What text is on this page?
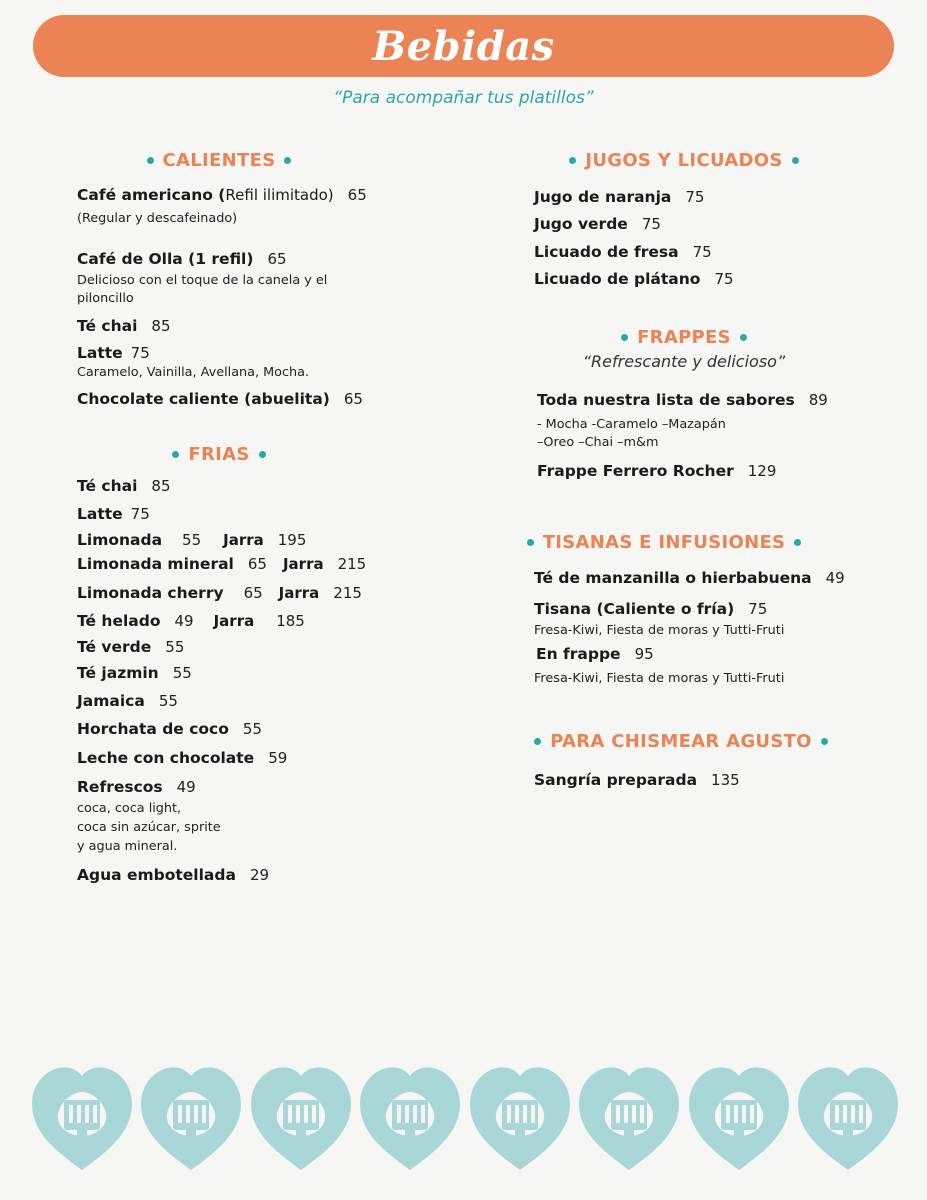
Bebidas
“Para acompañar tus platillos”
CALIENTES
Café americano (Refil ilimitado) 65
(Regular y descafeinado)
Café de Olla (1 refil) 65
Delicioso con el toque de la canela y el
piloncillo
Té chai 85
Latte 75
Caramelo, Vainilla, Avellana, Mocha.
Chocolate caliente (abuelita) 65
FRIAS
Té chai 85
Latte 75
Limonada 55 Jarra 195
Limonada mineral 65 Jarra 215
Limonada cherry 65 Jarra 215
Té helado 49 Jarra 185
Té verde 55
Té jazmin 55
Jamaica 55
Horchata de coco 55
Leche con chocolate 59
Refrescos 49
coca, coca light,
coca sin azúcar, sprite
y agua mineral.
Agua embotellada 29
JUGOS Y LICUADOS
Jugo de naranja 75
Jugo verde 75
Licuado de fresa 75
Licuado de plátano 75
FRAPPES
“Refrescante y delicioso”
Toda nuestra lista de sabores 89
- Mocha -Caramelo –Mazapán
–Oreo –Chai –m&m
Frappe Ferrero Rocher 129
TISANAS E INFUSIONES
Té de manzanilla o hierbabuena 49
Tisana (Caliente o fría) 75
Fresa-Kiwi, Fiesta de moras y Tutti-Fruti
En frappe 95
Fresa-Kiwi, Fiesta de moras y Tutti-Fruti
PARA CHISMEAR AGUSTO
Sangría preparada 135
